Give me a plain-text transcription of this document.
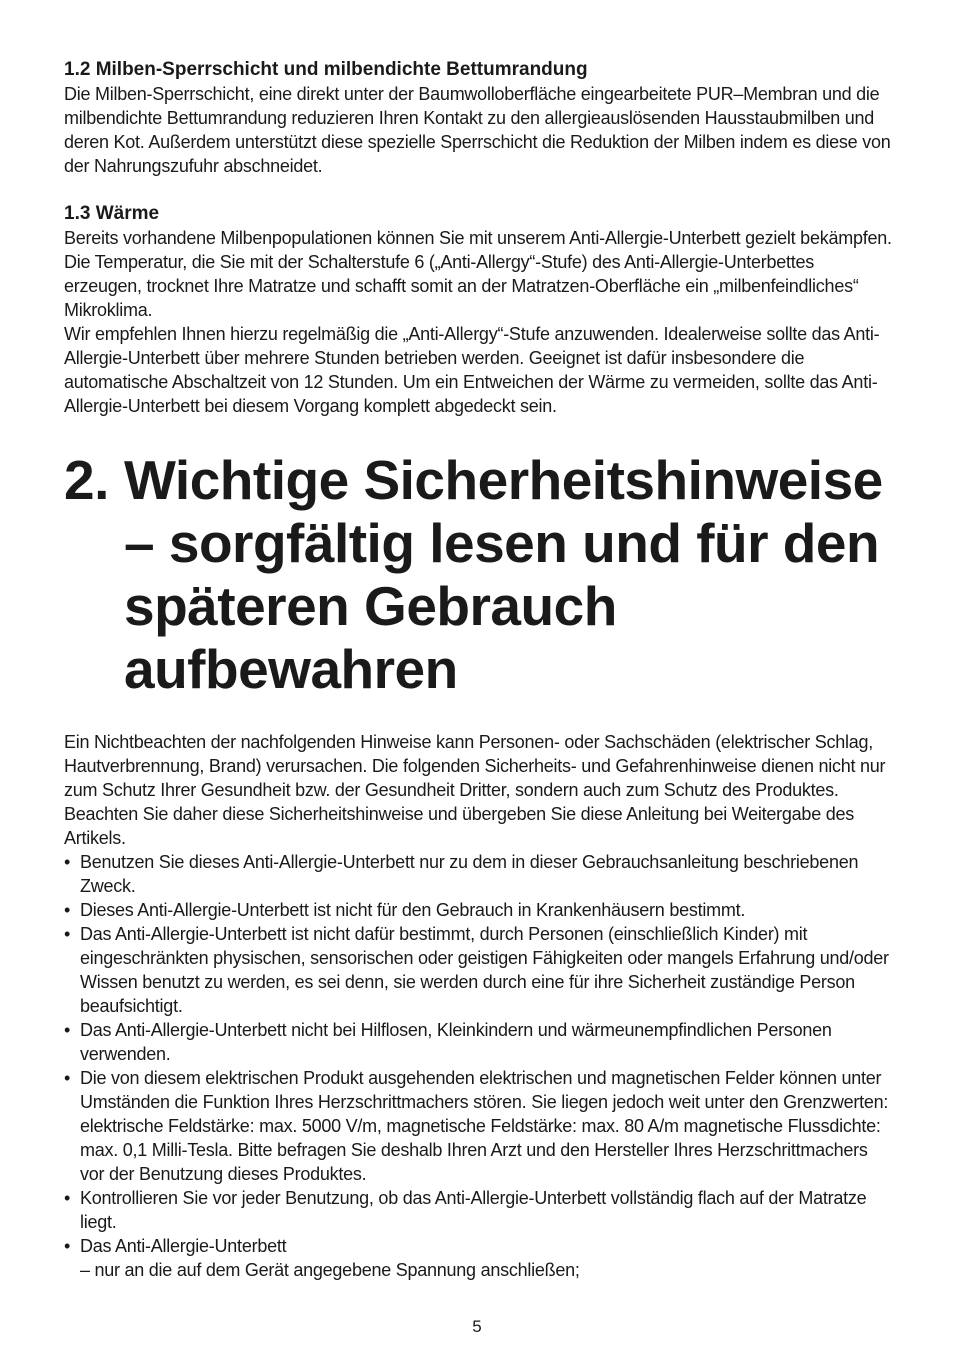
1.2 Milben-Sperrschicht und milbendichte Bettumrandung

Die Milben-Sperrschicht, eine direkt unter der Baumwolloberfläche eingearbeitete PUR–Membran und die milbendichte Bettumrandung reduzieren Ihren Kontakt zu den allergieauslösenden Hausstaubmilben und deren Kot. Außerdem unterstützt diese spezielle Sperrschicht die Reduktion der Milben indem es diese von der Nahrungszufuhr abschneidet.

1.3 Wärme

Bereits vorhandene Milbenpopulationen können Sie mit unserem Anti-Allergie-Unterbett gezielt bekämpfen. Die Temperatur, die Sie mit der Schalterstufe 6 („Anti-Allergy“-Stufe) des Anti-Allergie-Unterbettes erzeugen, trocknet Ihre Matratze und schafft somit an der Matratzen-Oberfläche ein „milbenfeindliches“ Mikroklima.

Wir empfehlen Ihnen hierzu regelmäßig die „Anti-Allergy“-Stufe anzuwenden. Idealerweise sollte das Anti-Allergie-Unterbett über mehrere Stunden betrieben werden. Geeignet ist dafür insbesondere die automatische Abschaltzeit von 12 Stunden. Um ein Entweichen der Wärme zu vermeiden, sollte das Anti-Allergie-Unterbett bei diesem Vorgang komplett abgedeckt sein.

2. Wichtige Sicherheitshinweise – sorgfältig lesen und für den späteren Gebrauch aufbewahren

Ein Nichtbeachten der nachfolgenden Hinweise kann Personen- oder Sachschäden (elektrischer Schlag, Hautverbrennung, Brand) verursachen. Die folgenden Sicherheits- und Gefahrenhinweise dienen nicht nur zum Schutz Ihrer Gesundheit bzw. der Gesundheit Dritter, sondern auch zum Schutz des Produktes. Beachten Sie daher diese Sicherheitshinweise und übergeben Sie diese Anleitung bei Weitergabe des Artikels.

• Benutzen Sie dieses Anti-Allergie-Unterbett nur zu dem in dieser Gebrauchsanleitung beschriebenen Zweck.
• Dieses Anti-Allergie-Unterbett ist nicht für den Gebrauch in Krankenhäusern bestimmt.
• Das Anti-Allergie-Unterbett ist nicht dafür bestimmt, durch Personen (einschließlich Kinder) mit eingeschränkten physischen, sensorischen oder geistigen Fähigkeiten oder mangels Erfahrung und/oder Wissen benutzt zu werden, es sei denn, sie werden durch eine für ihre Sicherheit zuständige Person beaufsichtigt.
• Das Anti-Allergie-Unterbett nicht bei Hilflosen, Kleinkindern und wärmeunempfindlichen Personen verwenden.
• Die von diesem elektrischen Produkt ausgehenden elektrischen und magnetischen Felder können unter Umständen die Funktion Ihres Herzschrittmachers stören. Sie liegen jedoch weit unter den Grenzwerten: elektrische Feldstärke: max. 5000 V/m, magnetische Feldstärke: max. 80 A/m magnetische Flussdichte: max. 0,1 Milli-Tesla. Bitte befragen Sie deshalb Ihren Arzt und den Hersteller Ihres Herzschrittmachers vor der Benutzung dieses Produktes.
• Kontrollieren Sie vor jeder Benutzung, ob das Anti-Allergie-Unterbett vollständig flach auf der Matratze liegt.
• Das Anti-Allergie-Unterbett
– nur an die auf dem Gerät angegebene Spannung anschließen;
5
